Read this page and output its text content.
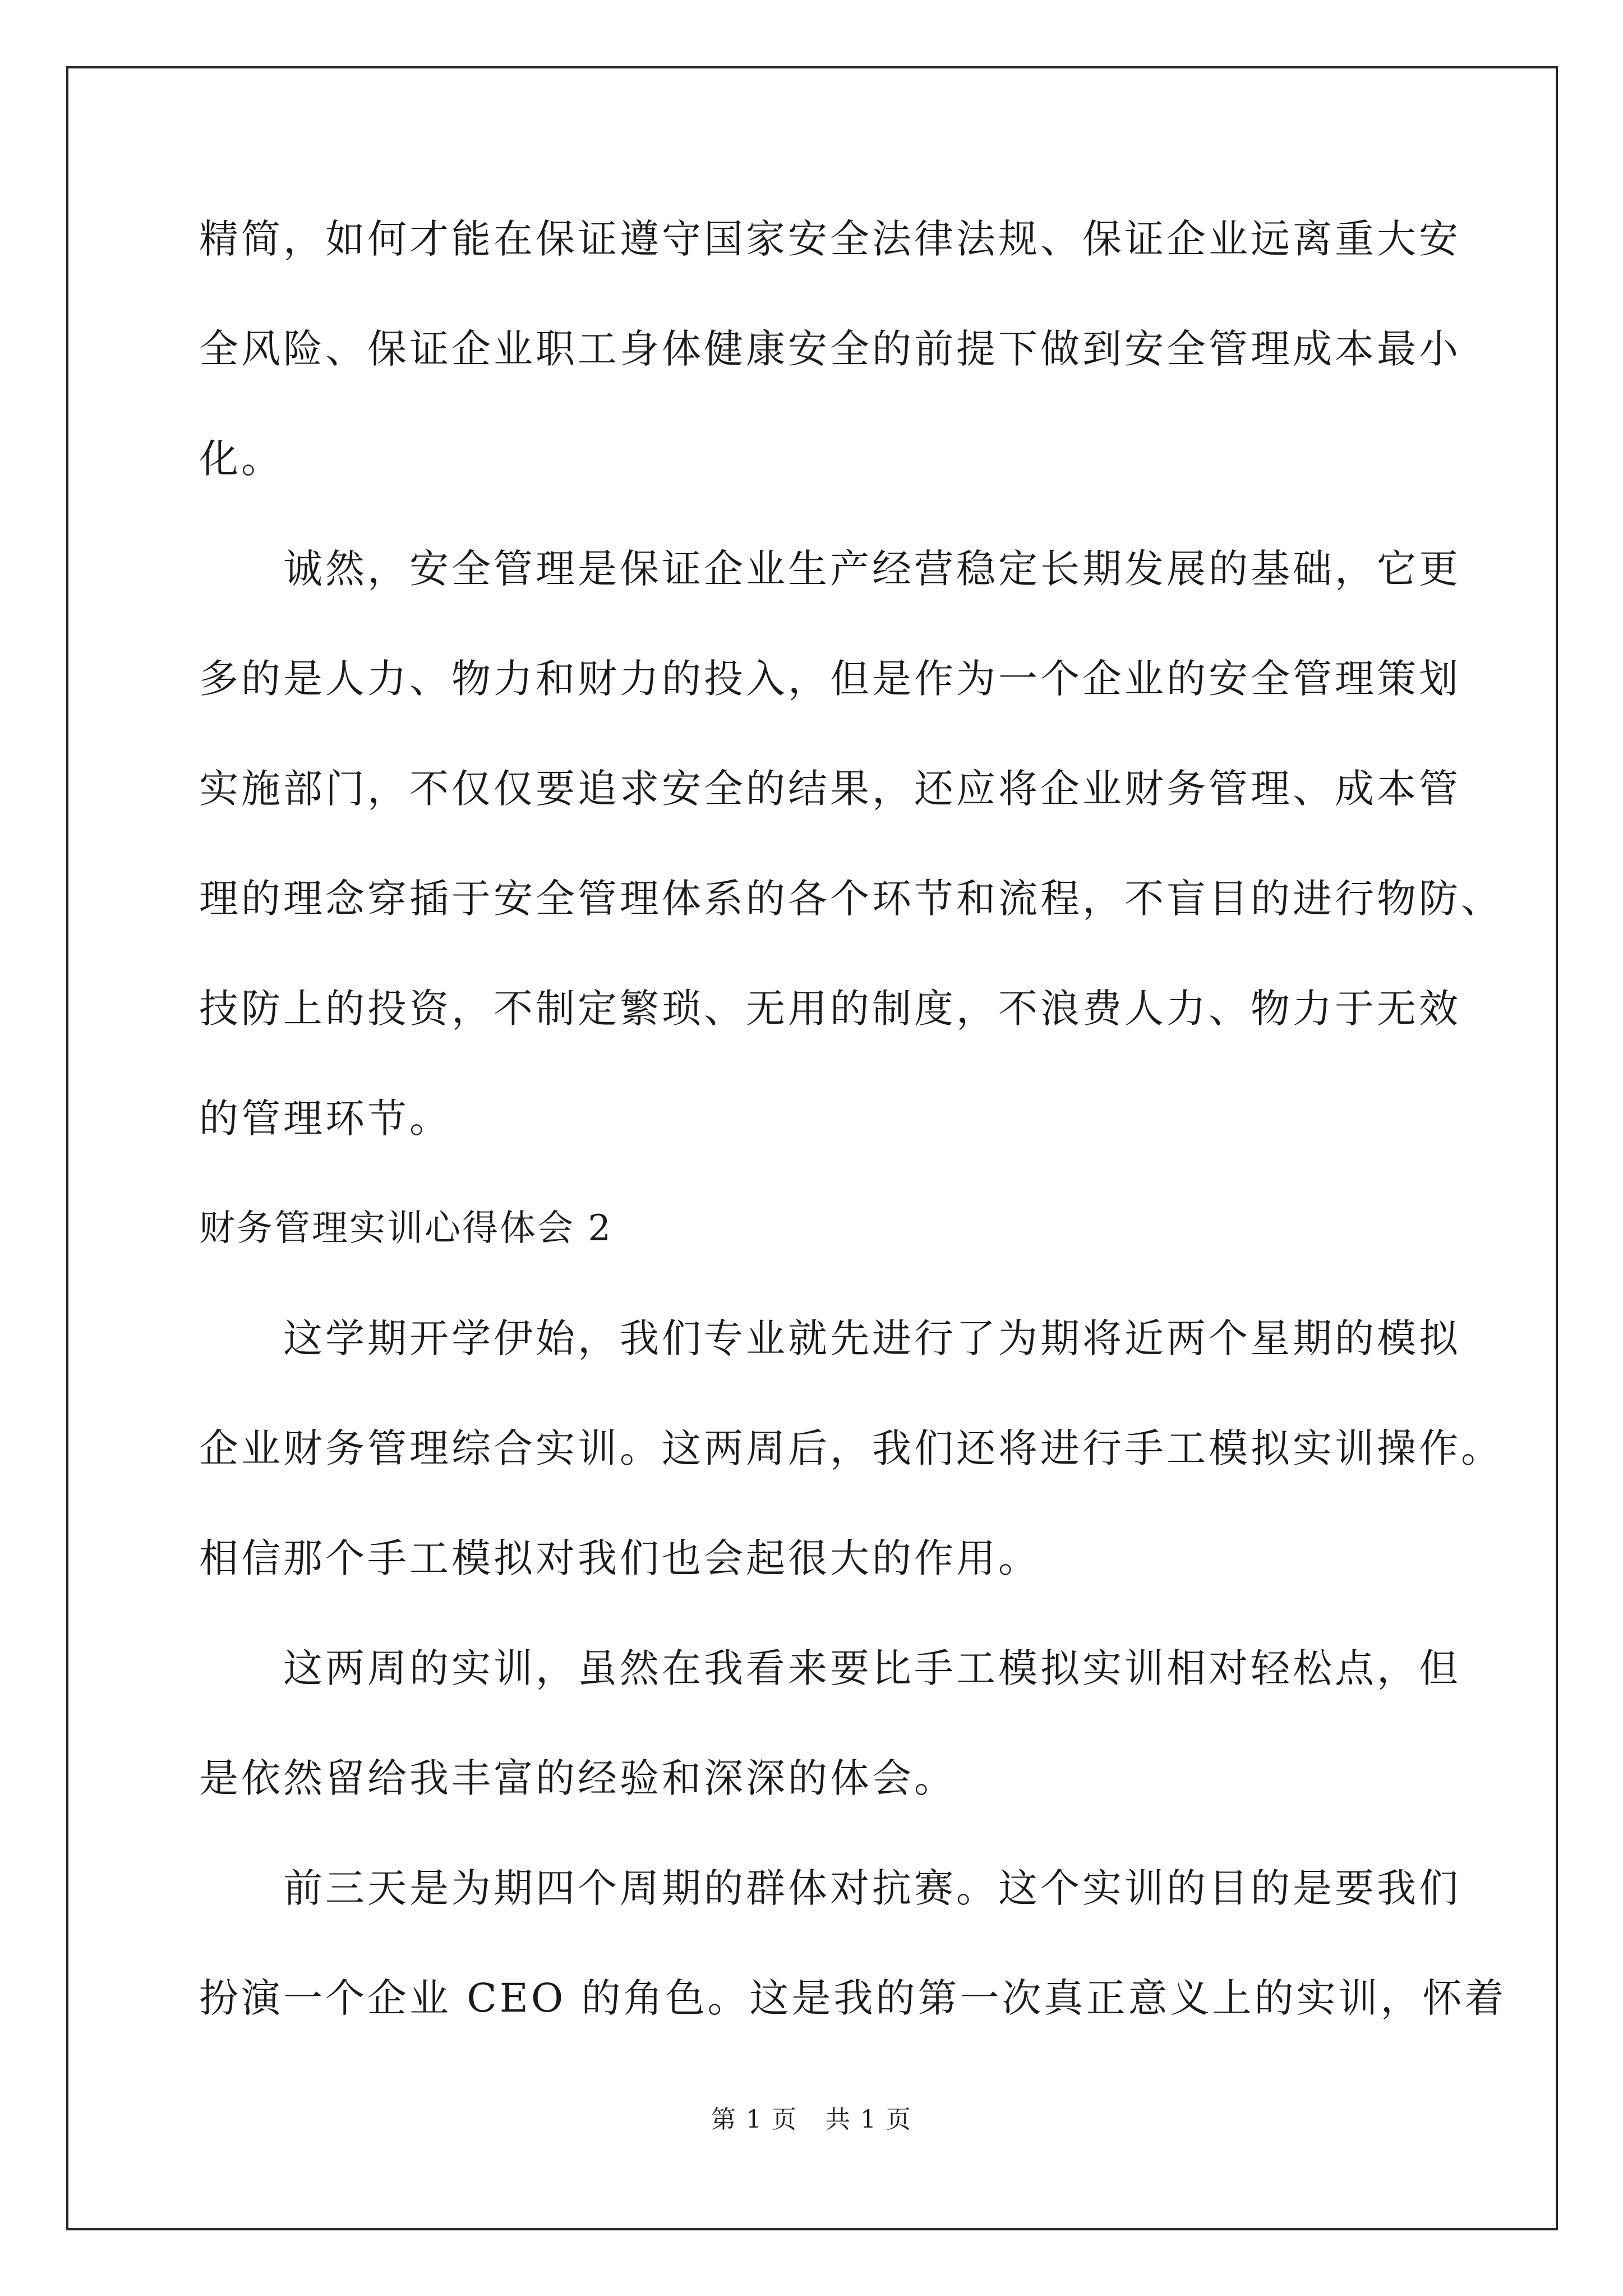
精简，如何才能在保证遵守国家安全法律法规、保证企业远离重大安
全风险、保证企业职工身体健康安全的前提下做到安全管理成本最小
化。
诚然，安全管理是保证企业生产经营稳定长期发展的基础，它更
多的是人力、物力和财力的投入，但是作为一个企业的安全管理策划
实施部门，不仅仅要追求安全的结果，还应将企业财务管理、成本管
理的理念穿插于安全管理体系的各个环节和流程，不盲目的进行物防、
技防上的投资，不制定繁琐、无用的制度，不浪费人力、物力于无效
的管理环节。
财务管理实训心得体会 2
这学期开学伊始，我们专业就先进行了为期将近两个星期的模拟
企业财务管理综合实训。这两周后，我们还将进行手工模拟实训操作。
相信那个手工模拟对我们也会起很大的作用。
这两周的实训，虽然在我看来要比手工模拟实训相对轻松点，但
是依然留给我丰富的经验和深深的体会。
前三天是为期四个周期的群体对抗赛。这个实训的目的是要我们
扮演一个企业 CEO 的角色。这是我的第一次真正意义上的实训，怀着
第 1 页 共 1 页
